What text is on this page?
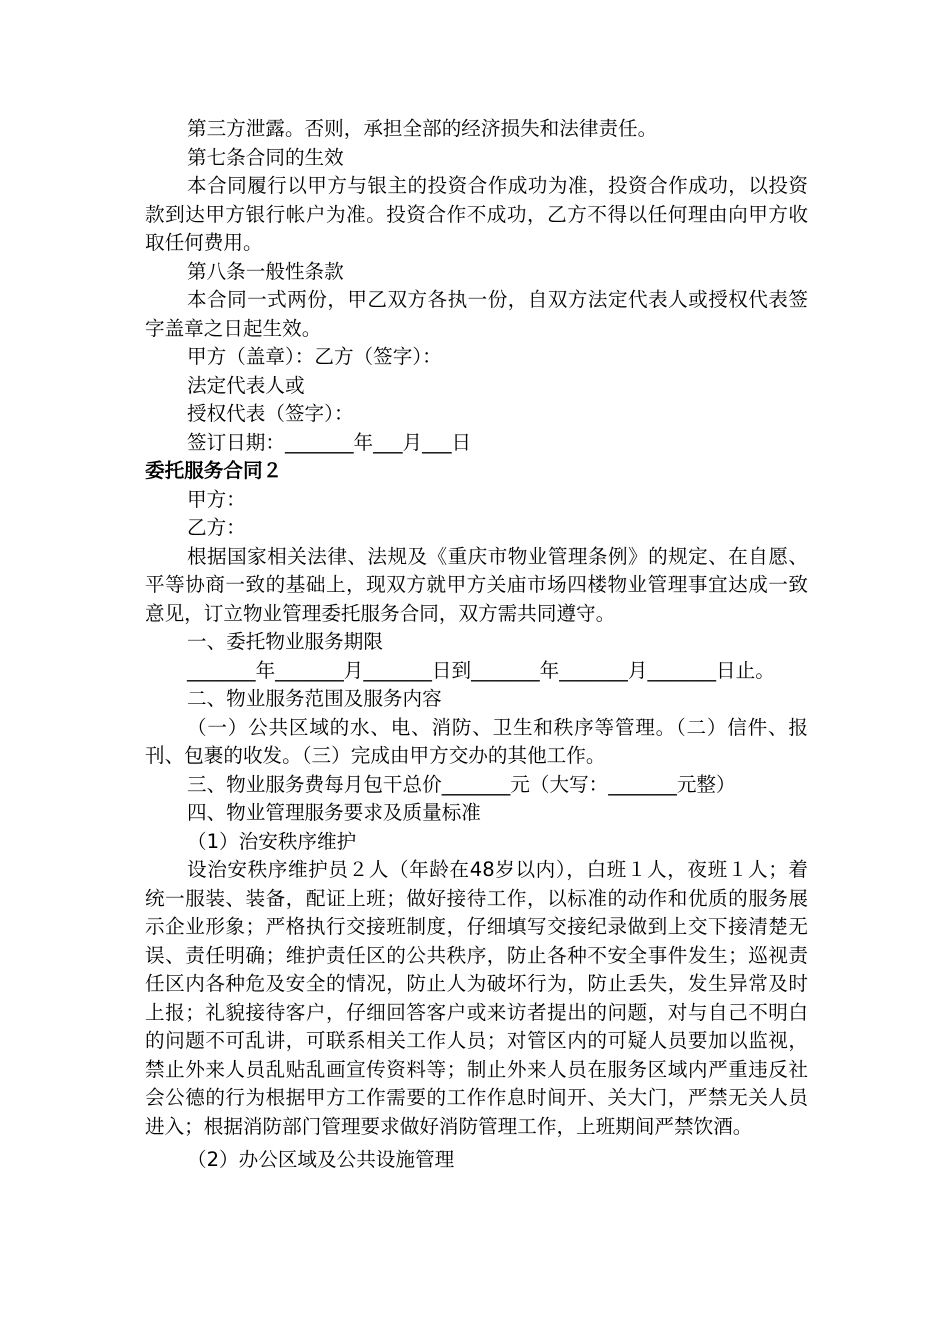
第三方泄露。否则，承担全部的经济损失和法律责任。

第七条合同的生效

本合同履行以甲方与银主的投资合作成功为准，投资合作成功，以投资款到达甲方银行帐户为准。投资合作不成功，乙方不得以任何理由向甲方收取任何费用。

第八条一般性条款

本合同一式两份，甲乙双方各执一份，自双方法定代表人或授权代表签字盖章之日起生效。

甲方（盖章）：乙方（签字）：

法定代表人或

授权代表（签字）：

签订日期：_______年___月___日

委托服务合同２

甲方：

乙方：

根据国家相关法律、法规及《重庆市物业管理条例》的规定、在自愿、平等协商一致的基础上，现双方就甲方关庙市场四楼物业管理事宜达成一致意见，订立物业管理委托服务合同，双方需共同遵守。

一、委托物业服务期限

_______年_______月_______日到_______年_______月_______日止。

二、物业服务范围及服务内容

（一）公共区域的水、电、消防、卫生和秩序等管理。（二）信件、报刊、包裹的收发。（三）完成由甲方交办的其他工作。

三、物业服务费每月包干总价_______元（大写：_______元整）

四、物业管理服务要求及质量标准

（1）治安秩序维护

设治安秩序维护员２人（年龄在48岁以内），白班１人，夜班１人；着统一服装、装备，配证上班；做好接待工作，以标准的动作和优质的服务展示企业形象；严格执行交接班制度，仔细填写交接纪录做到上交下接清楚无误、责任明确；维护责任区的公共秩序，防止各种不安全事件发生；巡视责任区内各种危及安全的情况，防止人为破坏行为，防止丢失，发生异常及时上报；礼貌接待客户，仔细回答客户或来访者提出的问题，对与自己不明白的问题不可乱讲，可联系相关工作人员；对管区内的可疑人员要加以监视，禁止外来人员乱贴乱画宣传资料等；制止外来人员在服务区域内严重违反社会公德的行为根据甲方工作需要的工作作息时间开、关大门，严禁无关人员进入；根据消防部门管理要求做好消防管理工作，上班期间严禁饮酒。

（2）办公区域及公共设施管理
